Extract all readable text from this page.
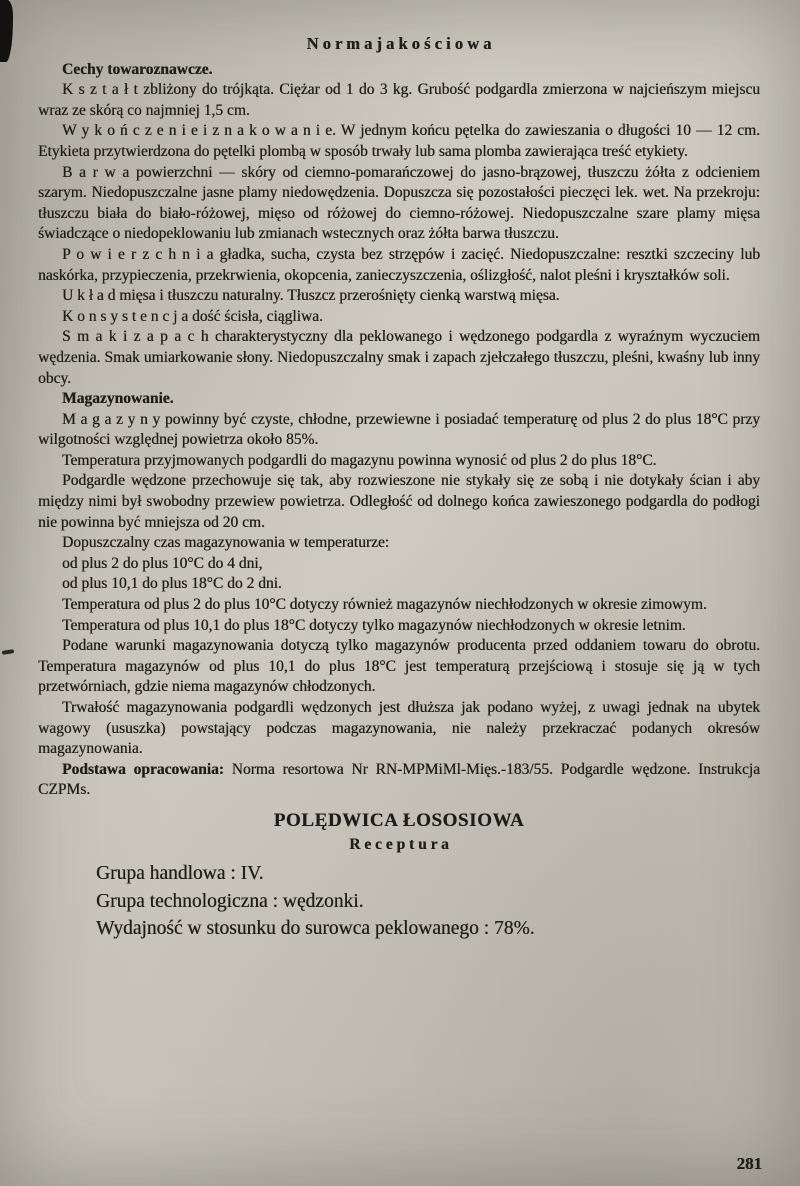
N o r m a j a k o ś c i o w a

Cechy towaroznawcze.

K s z t a ł t zbliżony do trójkąta. Ciężar od 1 do 3 kg. Grubość podgardla zmierzona w najcieńszym miejscu wraz ze skórą co najmniej 1,5 cm.

W y k o ń c z e n i e i z n a k o w a n i e. W jednym końcu pętelka do zawieszania o długości 10 — 12 cm. Etykieta przytwierdzona do pętelki plombą w sposób trwały lub sama plomba zawierająca treść etykiety.

B a r w a powierzchni — skóry od ciemno-pomarańczowej do jasno-brązowej, tłuszczu żółta z odcieniem szarym. Niedopuszczalne jasne plamy niedowędzenia. Dopuszcza się pozostałości pieczęci lek. wet. Na przekroju: tłuszczu biała do biało-różowej, mięso od różowej do ciemno-różowej. Niedopuszczalne szare plamy mięsa świadczące o niedopeklowaniu lub zmianach wstecznych oraz żółta barwa tłuszczu.

P o w i e r z c h n i a gładka, sucha, czysta bez strzępów i zacięć. Niedopuszczalne: resztki szczeciny lub naskórka, przypieczenia, przekrwienia, okopcenia, zanieczyszczenia, oślizgłość, nalot pleśni i kryształków soli.

U k ł a d mięsa i tłuszczu naturalny. Tłuszcz przerośnięty cienką warstwą mięsa.

K o n s y s t e n c j a dość ścisła, ciągliwa.

S m a k i z a p a c h charakterystyczny dla peklowanego i wędzonego podgardla z wyraźnym wyczuciem wędzenia. Smak umiarkowanie słony. Niedopuszczalny smak i zapach zjełczałego tłuszczu, pleśni, kwaśny lub inny obcy.

Magazynowanie.

M a g a z y n y powinny być czyste, chłodne, przewiewne i posiadać temperaturę od plus 2 do plus 18°C przy wilgotności względnej powietrza około 85%.

Temperatura przyjmowanych podgardli do magazynu powinna wynosić od plus 2 do plus 18°C.

Podgardle wędzone przechowuje się tak, aby rozwieszone nie stykały się ze sobą i nie dotykały ścian i aby między nimi był swobodny przewiew powietrza. Odległość od dolnego końca zawieszonego podgardla do podłogi nie powinna być mniejsza od 20 cm.

Dopuszczalny czas magazynowania w temperaturze:

od plus 2 do plus 10°C do 4 dni,

od plus 10,1 do plus 18°C do 2 dni.

Temperatura od plus 2 do plus 10°C dotyczy również magazynów niechłodzonych w okresie zimowym.

Temperatura od plus 10,1 do plus 18°C dotyczy tylko magazynów niechłodzonych w okresie letnim.

Podane warunki magazynowania dotyczą tylko magazynów producenta przed oddaniem towaru do obrotu. Temperatura magazynów od plus 10,1 do plus 18°C jest temperaturą przejściową i stosuje się ją w tych przetwórniach, gdzie niema magazynów chłodzonych.

Trwałość magazynowania podgardli wędzonych jest dłuższa jak podano wyżej, z uwagi jednak na ubytek wagowy (ususzka) powstający podczas magazynowania, nie należy przekraczać podanych okresów magazynowania.

Podstawa opracowania: Norma resortowa Nr RN-MPMiMl-Mięs.-183/55. Podgardle wędzone. Instrukcja CZPMs.

POLĘDWICA ŁOSOSIOWA

R e c e p t u r a

Grupa handlowa : IV.

Grupa technologiczna : wędzonki.

Wydajność w stosunku do surowca peklowanego : 78%.

281
